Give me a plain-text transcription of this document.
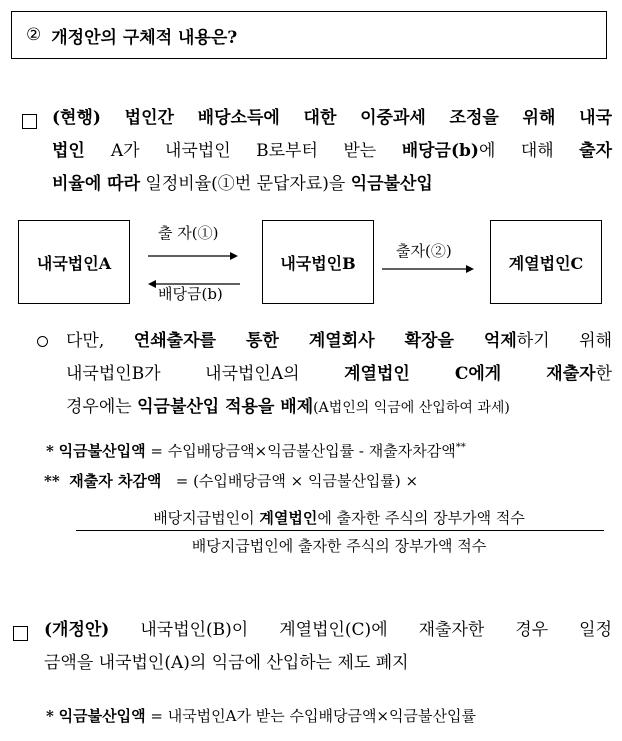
② 개정안의 구체적 내용은?
(현행) 법인간 배당소득에 대한 이중과세 조정을 위해 내국
법인 A가 내국법인 B로부터 받는 배당금(b)에 대해 출자
비율에 따라 일정비율(①번 문답자료)을 익금불산입
내국법인A	내국법인B	계열법인C
출 자(①)
배당금(b)
출자(②)
다만, 연쇄출자를 통한 계열회사 확장을 억제하기 위해
내국법인B가 내국법인A의 계열법인 C에게 재출자한
경우에는 익금불산입 적용을 배제(A법인의 익금에 산입하여 과세)
* 익금불산입액 = 수입배당금액×익금불산입률 - 재출자차감액**
** 재출자 차감액 = (수입배당금액 × 익금불산입률) ×
배당지급법인이 계열법인에 출자한 주식의 장부가액 적수
배당지급법인에 출자한 주식의 장부가액 적수
(개정안) 내국법인(B)이 계열법인(C)에 재출자한 경우 일정
금액을 내국법인(A)의 익금에 산입하는 제도 폐지
* 익금불산입액 = 내국법인A가 받는 수입배당금액×익금불산입률
